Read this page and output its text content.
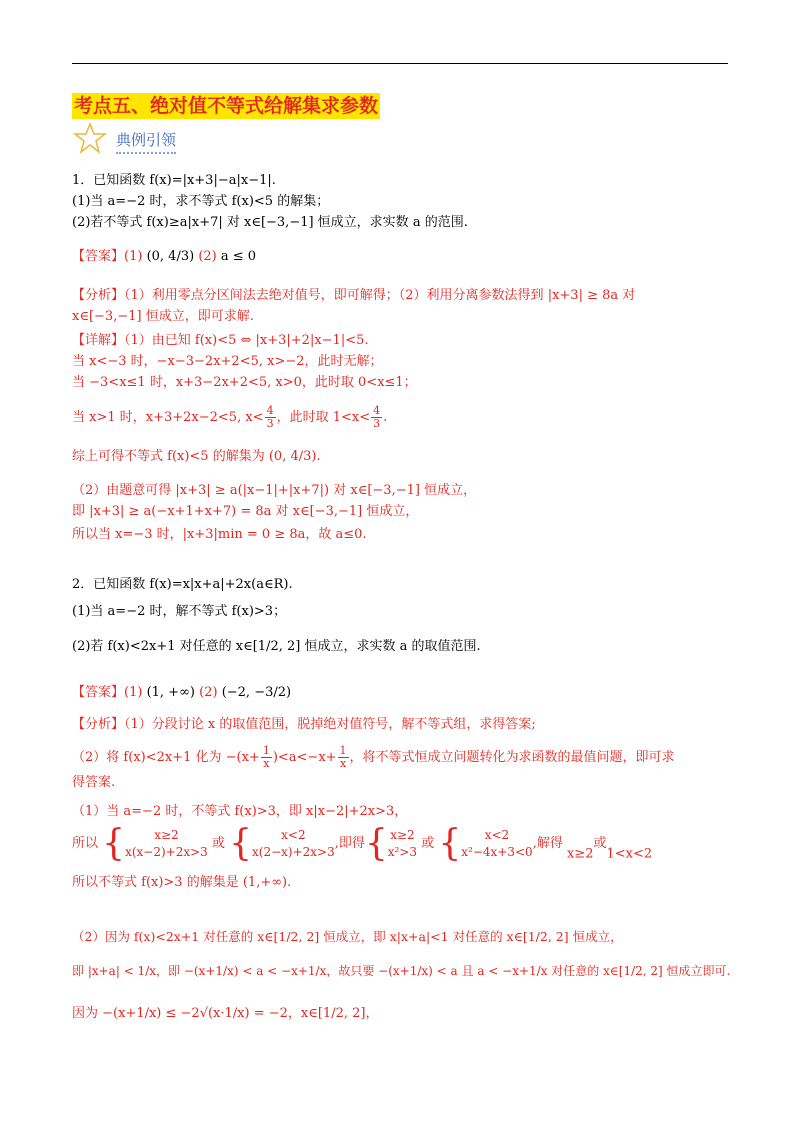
考点五、绝对值不等式给解集求参数
典例引领
1．已知函数 f(x)=|x+3|−a|x−1|.
(1)当 a=−2 时，求不等式 f(x)<5 的解集；
(2)若不等式 f(x)≥a|x+7| 对 x∈[−3,−1] 恒成立，求实数 a 的范围.
【答案】(1) (0, 4/3) (2) a ≤ 0
【分析】（1）利用零点分区间法去绝对值号，即可解得；（2）利用分离参数法得到 |x+3| ≥ 8a 对
x∈[−3,−1] 恒成立，即可求解.
【详解】（1）由已知 f(x)<5 ⇔ |x+3|+2|x−1|<5.
当 x<−3 时，−x−3−2x+2<5, x>−2，此时无解；
当 −3<x≤1 时，x+3−2x+2<5, x>0，此时取 0<x≤1；
当 x>1 时，x+3+2x−2<5, $x< \frac{4}{3}$ ，此时取 $1<x< \frac{4}{3}$ .
综上可得不等式 f(x)<5 的解集为 (0, 4/3).
（2）由题意可得 |x+3| ≥ a(|x−1|+|x+7|) 对 x∈[−3,−1] 恒成立，
即 |x+3| ≥ a(−x+1+x+7) = 8a 对 x∈[−3,−1] 恒成立，
所以当 x=−3 时，|x+3|min = 0 ≥ 8a，故 a≤0.
2．已知函数 f(x)=x|x+a|+2x(a∈R).
(1)当 a=−2 时，解不等式 f(x)>3；
(2)若 f(x)<2x+1 对任意的 x∈[1/2, 2] 恒成立，求实数 a 的取值范围.
【答案】(1) (1, +∞) (2) (−2, −3/2)
【分析】（1）分段讨论 x 的取值范围，脱掉绝对值符号，解不等式组，求得答案;
（2）将 f(x)<2x+1 化为 $-(x+ \frac{1}{x} )<a<-x+ \frac{1}{x}$ ，将不等式恒成立问题转化为求函数的最值问题，即可求
得答案.
（1）当 a=−2 时，不等式 f(x)>3，即 x|x−2|+2x>3，
所以 {	x≥2
x(x−2)+2x>3
或 {	x<2
x(2−x)+2x>3
,即得{ x≥2
x²>3
或 {	x<2
x²−4x+3<0
,解得 x≥2或1<x<2
所以不等式 f(x)>3 的解集是 (1,+∞).
（2）因为 f(x)<2x+1 对任意的 x∈[1/2, 2] 恒成立，即 x|x+a|<1 对任意的 x∈[1/2, 2] 恒成立，
即 |x+a| < 1/x，即 −(x+1/x) < a < −x+1/x，故只要 −(x+1/x) < a 且 a < −x+1/x 对任意的 x∈[1/2, 2] 恒成立即可.
因为 −(x+1/x) ≤ −2√(x·1/x) = −2，x∈[1/2, 2]，
